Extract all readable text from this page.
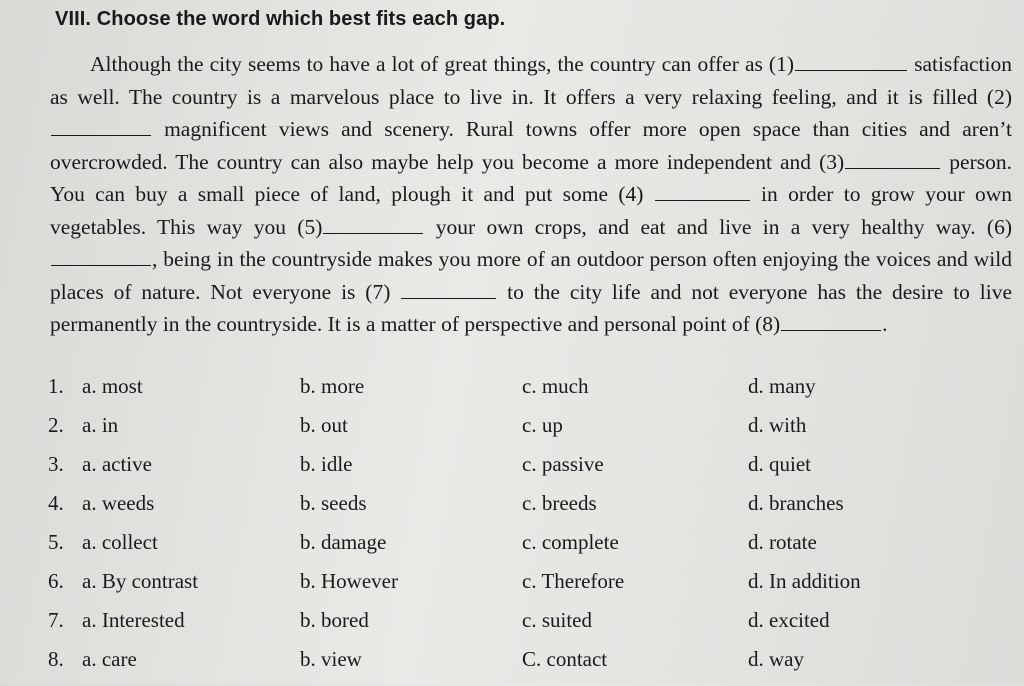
VIII. Choose the word which best fits each gap.

Although the city seems to have a lot of great things, the country can offer as (1)	satisfaction as well. The country is a marvelous place to live in. It offers a very relaxing feeling, and it is filled (2) magnificent views and scenery. Rural towns offer more open space than cities and aren’t overcrowded. The country can also maybe help you become a more independent and (3)	person. You can buy a small piece of land, plough it and put some (4)	in order to grow your own vegetables. This way you (5)	your own crops, and eat and live in a very healthy way. (6), being in the countryside makes you more of an outdoor person often enjoying the voices and wild places of nature. Not everyone is (7)	to the city life and not everyone has the desire to live permanently in the countryside. It is a matter of perspective and personal point of (8)	.

1. a. most	b. more	c. much	d. many
2. a. in	b. out	c. up	d. with
3. a. active	b. idle	c. passive	d. quiet
4. a. weeds	b. seeds	c. breeds	d. branches
5. a. collect	b. damage	c. complete	d. rotate
6. a. By contrast	b. However	c. Therefore	d. In addition
7. a. Interested	b. bored	c. suited	d. excited
8. a. care	b. view	C. contact	d. way
